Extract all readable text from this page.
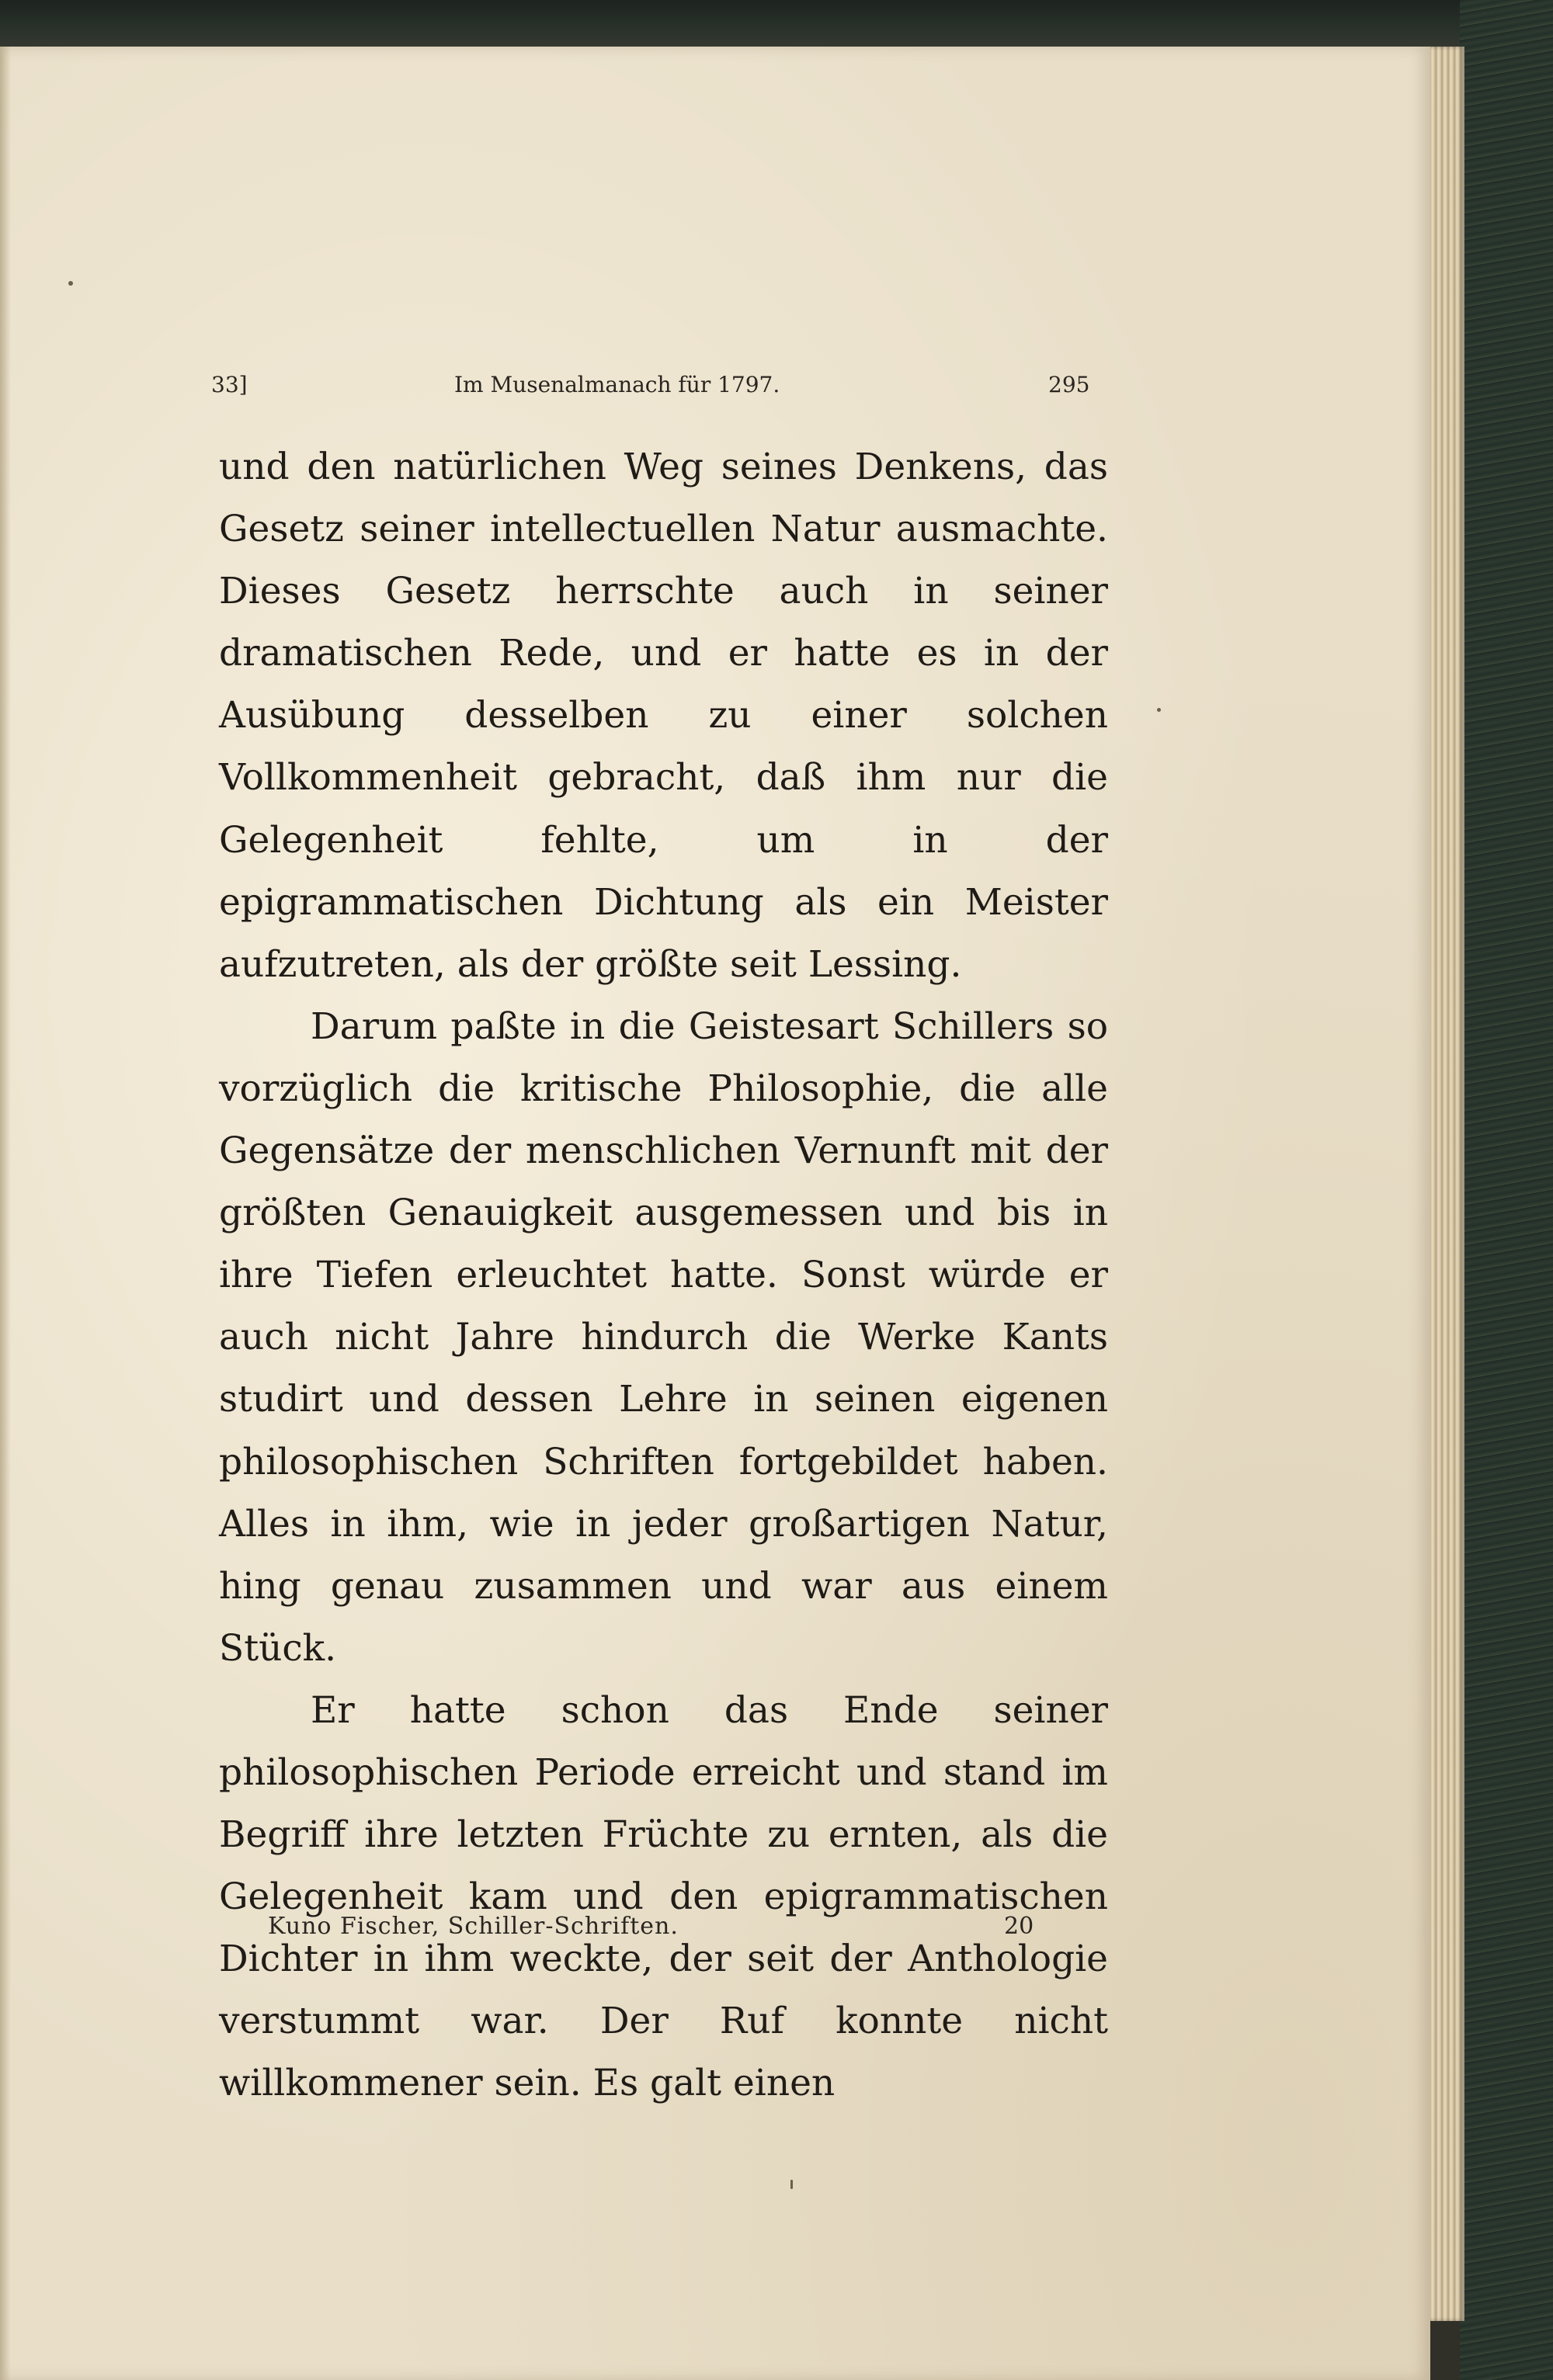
33]	Im Musenalmanach für 1797.	295

und den natürlichen Weg seines Denkens, das Gesetz seiner intellectuellen Natur ausmachte. Dieses Gesetz herrschte auch in seiner dramatischen Rede, und er hatte es in der Ausübung desselben zu einer solchen Vollkommenheit gebracht, daß ihm nur die Gelegenheit fehlte, um in der epigrammatischen Dichtung als ein Meister aufzutreten, als der größte seit Lessing.

Darum paßte in die Geistesart Schillers so vorzüglich die kritische Philosophie, die alle Gegensätze der menschlichen Vernunft mit der größten Genauigkeit ausgemessen und bis in ihre Tiefen erleuchtet hatte. Sonst würde er auch nicht Jahre hindurch die Werke Kants studirt und dessen Lehre in seinen eigenen philosophischen Schriften fortgebildet haben. Alles in ihm, wie in jeder großartigen Natur, hing genau zusammen und war aus einem Stück.

Er hatte schon das Ende seiner philosophischen Periode erreicht und stand im Begriff ihre letzten Früchte zu ernten, als die Gelegenheit kam und den epigrammatischen Dichter in ihm weckte, der seit der Anthologie verstummt war. Der Ruf konnte nicht willkommener sein. Es galt einen

Kuno Fischer, Schiller-Schriften.	20
